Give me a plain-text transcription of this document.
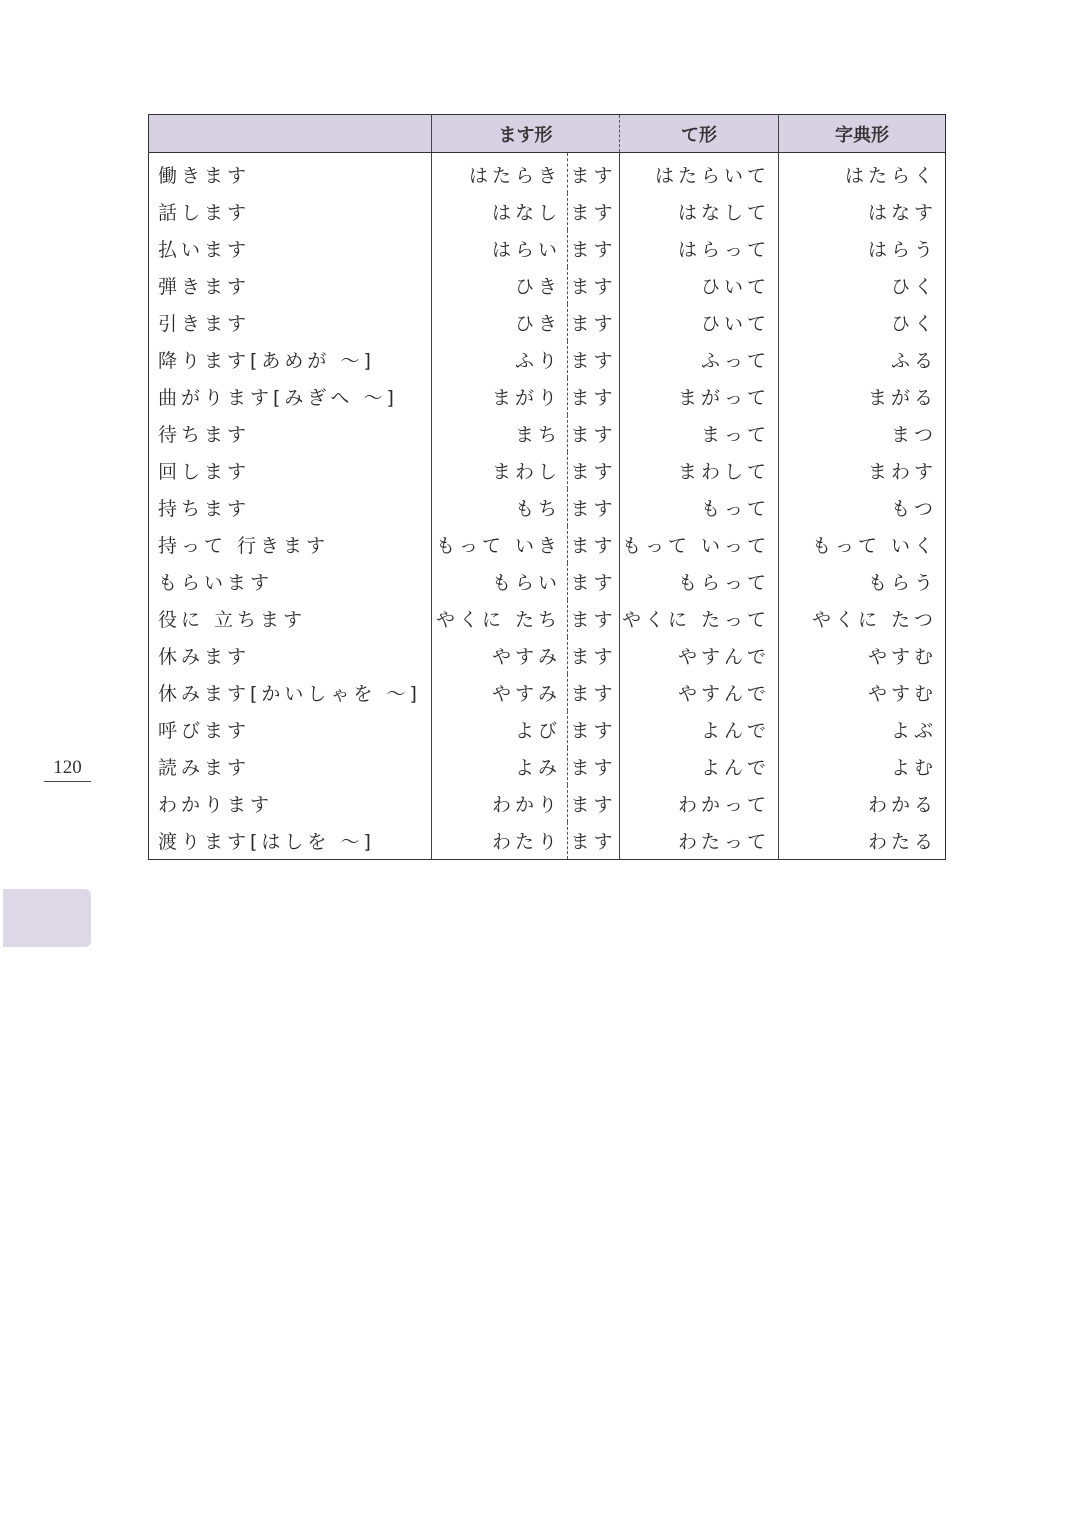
	ます形		て形	字典形
働きます	はたらき	ます	はたらいて	はたらく
話します	はなし	ます	はなして	はなす
払います	はらい	ます	はらって	はらう
弾きます	ひき	ます	ひいて	ひく
引きます	ひき	ます	ひいて	ひく
降ります[あめが 〜]	ふり	ます	ふって	ふる
曲がります[みぎへ 〜]	まがり	ます	まがって	まがる
待ちます	まち	ます	まって	まつ
回します	まわし	ます	まわして	まわす
持ちます	もち	ます	もって	もつ
持って 行きます	もって いき	ます	もって いって	もって いく
もらいます	もらい	ます	もらって	もらう
役に 立ちます	やくに たち	ます	やくに たって	やくに たつ
休みます	やすみ	ます	やすんで	やすむ
休みます[かいしゃを 〜]	やすみ	ます	やすんで	やすむ
呼びます	よび	ます	よんで	よぶ
読みます	よみ	ます	よんで	よむ
わかります	わかり	ます	わかって	わかる
渡ります[はしを 〜]	わたり	ます	わたって	わたる
120
